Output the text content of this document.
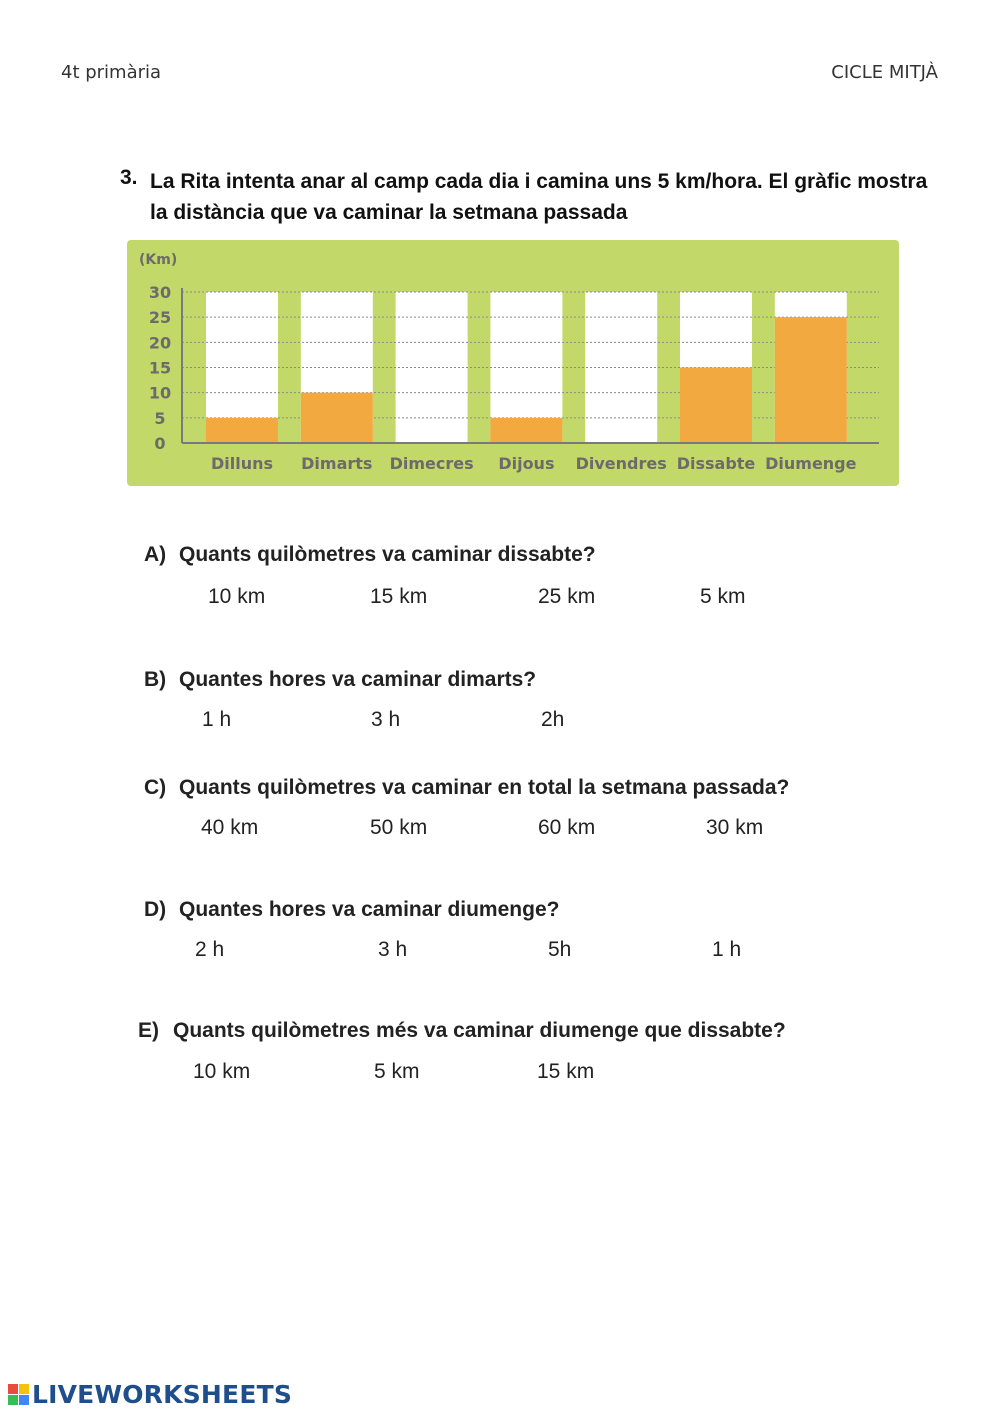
4t primària	CICLE MITJÀ
3. La Rita intenta anar al camp cada dia i camina uns 5 km/hora. El gràfic mostra la distància que va caminar la setmana passada
30
25
20
15
10
5
0
(Km)
Dilluns Dimarts Dimecres Dijous Divendres Dissabte Diumenge
A) Quants quilòmetres va caminar dissabte?
10 km	15 km	25 km	5 km
B) Quantes hores va caminar dimarts?
1 h	3 h	2h
C) Quants quilòmetres va caminar en total la setmana passada?
40 km	50 km	60 km	30 km
D) Quantes hores va caminar diumenge?
2 h	3 h	5h	1 h
E) Quants quilòmetres més va caminar diumenge que dissabte?
10 km	5 km	15 km
LIVEWORKSHEETS
